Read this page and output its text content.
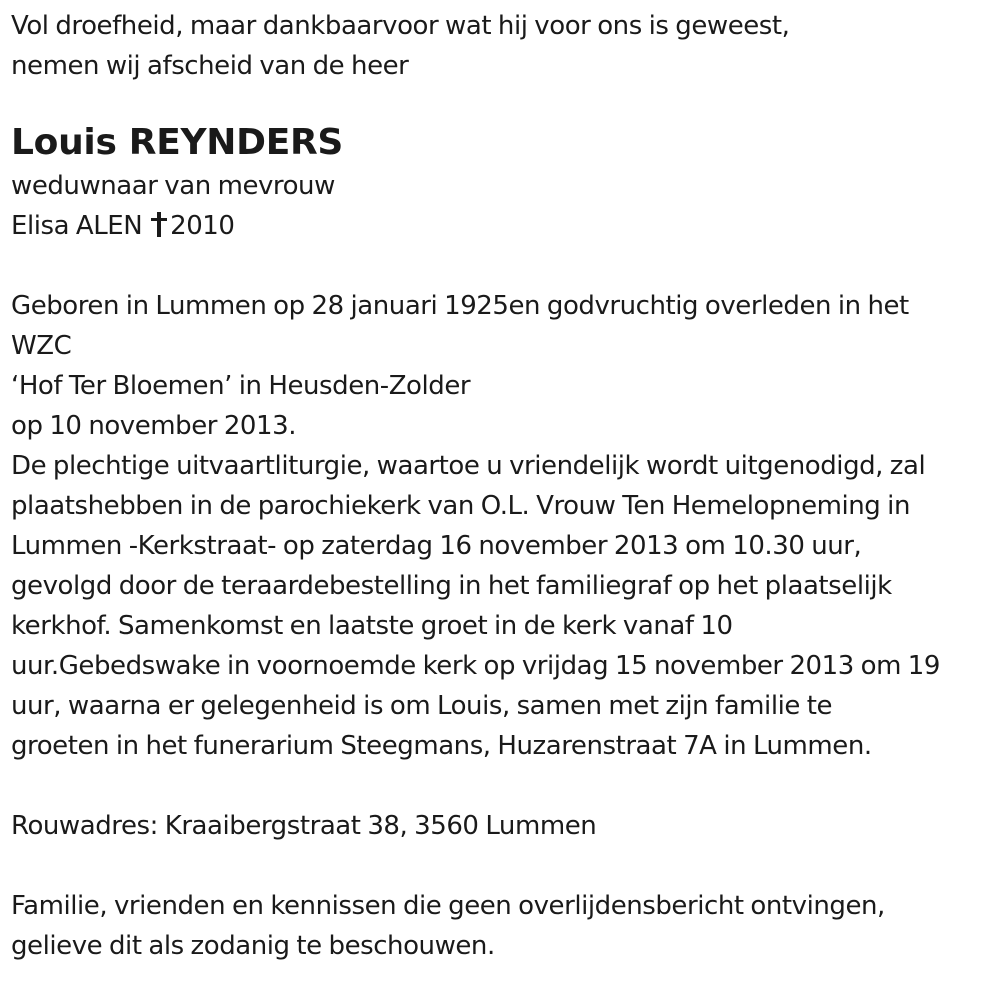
Vol droefheid, maar dankbaarvoor wat hij voor ons is geweest,
nemen wij afscheid van de heer
Louis REYNDERS
weduwnaar van mevrouw
Elisa ALEN 2010
Geboren in Lummen op 28 januari 1925en godvruchtig overleden in het
WZC
‘Hof Ter Bloemen’ in Heusden-Zolder
op 10 november 2013.
De plechtige uitvaartliturgie, waartoe u vriendelijk wordt uitgenodigd, zal
plaatshebben in de parochiekerk van O.L. Vrouw Ten Hemelopneming in
Lummen -Kerkstraat- op zaterdag 16 november 2013 om 10.30 uur,
gevolgd door de teraardebestelling in het familiegraf op het plaatselijk
kerkhof. Samenkomst en laatste groet in de kerk vanaf 10
uur.Gebedswake in voornoemde kerk op vrijdag 15 november 2013 om 19
uur, waarna er gelegenheid is om Louis, samen met zijn familie te
groeten in het funerarium Steegmans, Huzarenstraat 7A in Lummen.
Rouwadres: Kraaibergstraat 38, 3560 Lummen
Familie, vrienden en kennissen die geen overlijdensbericht ontvingen,
gelieve dit als zodanig te beschouwen.
